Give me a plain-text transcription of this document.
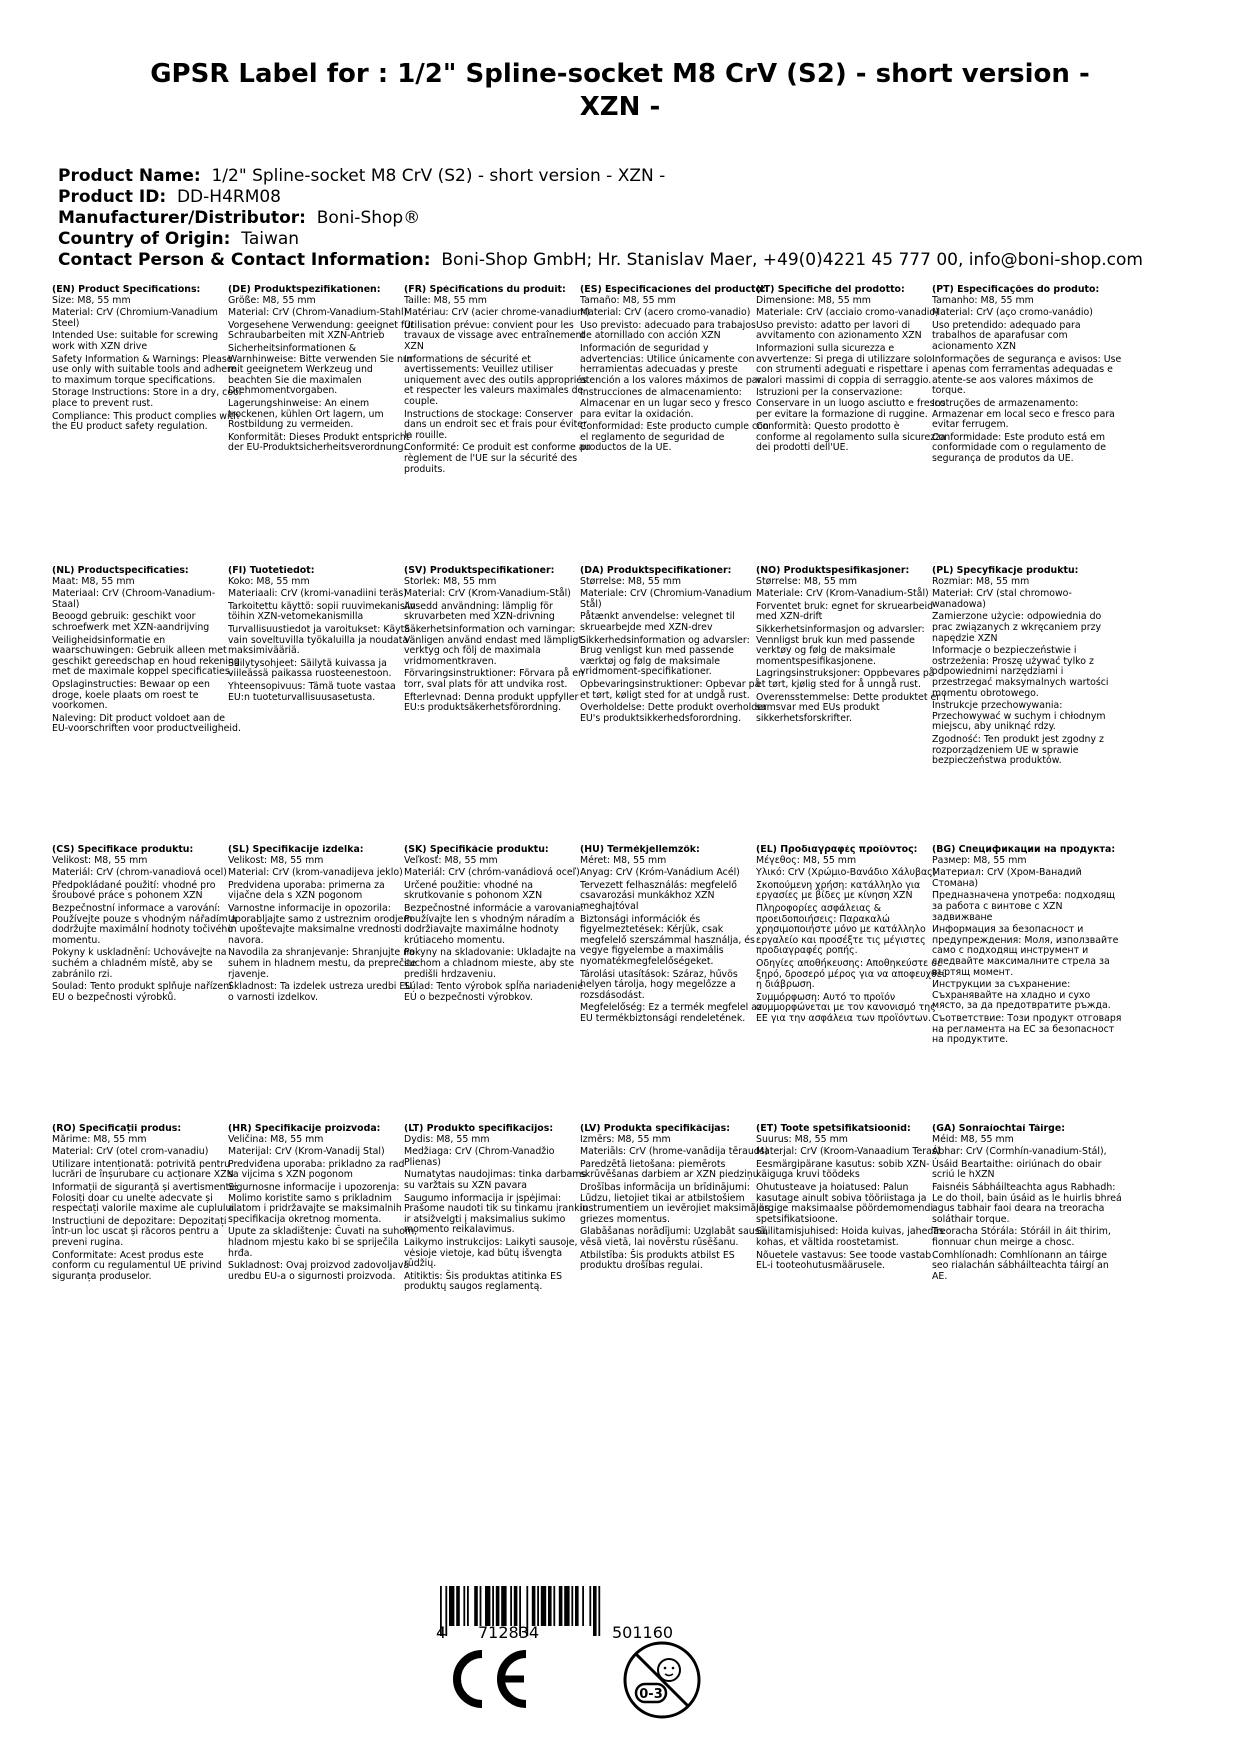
GPSR Label for : 1/2" Spline-socket M8 CrV (S2) - short version - XZN -
Product Name: 1/2" Spline-socket M8 CrV (S2) - short version - XZN -
Product ID: DD-H4RM08
Manufacturer/Distributor: Boni-Shop®
Country of Origin: Taiwan
Contact Person & Contact Information: Boni-Shop GmbH; Hr. Stanislav Maer, +49(0)4221 45 777 00, info@boni-shop.com
(EN) Product Specifications:

Size: M8, 55 mm

Material: CrV (Chromium-Vanadium Steel)

Intended Use: suitable for screwing work with XZN drive

Safety Information & Warnings: Please use only with suitable tools and adhere to maximum torque specifications.

Storage Instructions: Store in a dry, cool place to prevent rust.

Compliance: This product complies with the EU product safety regulation.

(DE) Produktspezifikationen:

Größe: M8, 55 mm

Material: CrV (Chrom-Vanadium-Stahl)

Vorgesehene Verwendung: geeignet für Schraubarbeiten mit XZN-Antrieb

Sicherheitsinformationen & Warnhinweise: Bitte verwenden Sie nur mit geeignetem Werkzeug und beachten Sie die maximalen Drehmomentvorgaben.

Lagerungshinweise: An einem trockenen, kühlen Ort lagern, um Rostbildung zu vermeiden.

Konformität: Dieses Produkt entspricht der EU-Produktsicherheitsverordnung.

(FR) Spécifications du produit:

Taille: M8, 55 mm

Matériau: CrV (acier chrome-vanadium)

Utilisation prévue: convient pour les travaux de vissage avec entraînement XZN

Informations de sécurité et avertissements: Veuillez utiliser uniquement avec des outils appropriés et respecter les valeurs maximales de couple.

Instructions de stockage: Conserver dans un endroit sec et frais pour éviter la rouille.

Conformité: Ce produit est conforme au règlement de l'UE sur la sécurité des produits.

(ES) Especificaciones del producto:

Tamaño: M8, 55 mm

Material: CrV (acero cromo-vanadio)

Uso previsto: adecuado para trabajos de atornillado con acción XZN

Información de seguridad y advertencias: Utilice únicamente con herramientas adecuadas y preste atención a los valores máximos de par.

Instrucciones de almacenamiento: Almacenar en un lugar seco y fresco para evitar la oxidación.

Conformidad: Este producto cumple con el reglamento de seguridad de productos de la UE.

(IT) Specifiche del prodotto:

Dimensione: M8, 55 mm

Materiale: CrV (acciaio cromo-vanadio)

Uso previsto: adatto per lavori di avvitamento con azionamento XZN

Informazioni sulla sicurezza e avvertenze: Si prega di utilizzare solo con strumenti adeguati e rispettare i valori massimi di coppia di serraggio.

Istruzioni per la conservazione: Conservare in un luogo asciutto e fresco per evitare la formazione di ruggine.

Conformità: Questo prodotto è conforme al regolamento sulla sicurezza dei prodotti dell'UE.

(PT) Especificações do produto:

Tamanho: M8, 55 mm

Material: CrV (aço cromo-vanádio)

Uso pretendido: adequado para trabalhos de aparafusar com acionamento XZN

Informações de segurança e avisos: Use apenas com ferramentas adequadas e atente-se aos valores máximos de torque.

Instruções de armazenamento: Armazenar em local seco e fresco para evitar ferrugem.

Conformidade: Este produto está em conformidade com o regulamento de segurança de produtos da UE.

(NL) Productspecificaties:

Maat: M8, 55 mm

Materiaal: CrV (Chroom-Vanadium-Staal)

Beoogd gebruik: geschikt voor schroefwerk met XZN-aandrijving

Veiligheidsinformatie en waarschuwingen: Gebruik alleen met geschikt gereedschap en houd rekening met de maximale koppel specificaties.

Opslaginstructies: Bewaar op een droge, koele plaats om roest te voorkomen.

Naleving: Dit product voldoet aan de EU-voorschriften voor productveiligheid.

(FI) Tuotetiedot:

Koko: M8, 55 mm

Materiaali: CrV (kromi-vanadiini teräs)

Tarkoitettu käyttö: sopii ruuvimekanisiin töihin XZN-vetomekanismilla

Turvallisuustiedot ja varoitukset: Käytä vain soveltuvilla työkaluilla ja noudata maksimivääriä.

Säilytysohjeet: Säilytä kuivassa ja viileässä paikassa ruosteenestoon.

Yhteensopivuus: Tämä tuote vastaa EU:n tuoteturvallisuusasetusta.

(SV) Produktspecifikationer:

Storlek: M8, 55 mm

Material: CrV (Krom-Vanadium-Stål)

Avsedd användning: lämplig för skruvarbeten med XZN-drivning

Säkerhetsinformation och varningar: Vänligen använd endast med lämpligt verktyg och följ de maximala vridmomentkraven.

Förvaringsinstruktioner: Förvara på en torr, sval plats för att undvika rost.

Efterlevnad: Denna produkt uppfyller EU:s produktsäkerhetsförordning.

(DA) Produktspecifikationer:

Størrelse: M8, 55 mm

Materiale: CrV (Chromium-Vanadium Stål)

Påtænkt anvendelse: velegnet til skruearbejde med XZN-drev

Sikkerhedsinformation og advarsler: Brug venligst kun med passende værktøj og følg de maksimale vridmoment-specifikationer.

Opbevaringsinstruktioner: Opbevar på et tørt, køligt sted for at undgå rust.

Overholdelse: Dette produkt overholder EU's produktsikkerhedsforordning.

(NO) Produktspesifikasjoner:

Størrelse: M8, 55 mm

Materiale: CrV (Krom-Vanadium-Stål)

Forventet bruk: egnet for skruearbeid med XZN-drift

Sikkerhetsinformasjon og advarsler: Vennligst bruk kun med passende verktøy og følg de maksimale momentspesifikasjonene.

Lagringsinstruksjoner: Oppbevares på et tørt, kjølig sted for å unngå rust.

Overensstemmelse: Dette produktet er i samsvar med EUs produkt sikkerhetsforskrifter.

(PL) Specyfikacje produktu:

Rozmiar: M8, 55 mm

Materiał: CrV (stal chromowo-wanadowa)

Zamierzone użycie: odpowiednia do prac związanych z wkręcaniem przy napędzie XZN

Informacje o bezpieczeństwie i ostrzeżenia: Proszę używać tylko z odpowiednimi narzędziami i przestrzegać maksymalnych wartości momentu obrotowego.

Instrukcje przechowywania: Przechowywać w suchym i chłodnym miejscu, aby uniknąć rdzy.

Zgodność: Ten produkt jest zgodny z rozporządzeniem UE w sprawie bezpieczeństwa produktów.

(CS) Specifikace produktu:

Velikost: M8, 55 mm

Materiál: CrV (chrom-vanadiová ocel)

Předpokládané použití: vhodné pro šroubové práce s pohonem XZN

Bezpečnostní informace a varování: Používejte pouze s vhodným nářadím a dodržujte maximální hodnoty točivého momentu.

Pokyny k uskladnění: Uchovávejte na suchém a chladném místě, aby se zabránilo rzi.

Soulad: Tento produkt splňuje nařízení EU o bezpečnosti výrobků.

(SL) Specifikacije izdelka:

Velikost: M8, 55 mm

Material: CrV (krom-vanadijeva jeklo)

Predvidena uporaba: primerna za vijačne dela s XZN pogonom

Varnostne informacije in opozorila: Uporabljajte samo z ustreznim orodjem in upoštevajte maksimalne vrednosti navora.

Navodila za shranjevanje: Shranjujte na suhem in hladnem mestu, da preprečite rjavenje.

Skladnost: Ta izdelek ustreza uredbi EU o varnosti izdelkov.

(SK) Špecifikácie produktu:

Veľkosť: M8, 55 mm

Materiál: CrV (chróm-vanádiová oceľ)

Určené použitie: vhodné na skrutkovanie s pohonom XZN

Bezpečnostné informácie a varovania: Používajte len s vhodným náradím a dodržiavajte maximálne hodnoty krútiaceho momentu.

Pokyny na skladovanie: Ukladajte na suchom a chladnom mieste, aby ste predišli hrdzaveniu.

Súlad: Tento výrobok spĺňa nariadenie EÚ o bezpečnosti výrobkov.

(HU) Termékjellemzők:

Méret: M8, 55 mm

Anyag: CrV (Króm-Vanádium Acél)

Tervezett felhasználás: megfelelő csavarozási munkákhoz XZN meghajtóval

Biztonsági információk és figyelmeztetések: Kérjük, csak megfelelő szerszámmal használja, és vegye figyelembe a maximális nyomatékmegfelelőségeket.

Tárolási utasítások: Száraz, hűvös helyen tárolja, hogy megelőzze a rozsdásodást.

Megfelelőség: Ez a termék megfelel az EU termékbiztonsági rendeletének.

(EL) Προδιαγραφές προϊόντος:

Μέγεθος: M8, 55 mm

Υλικό: CrV (Χρώμιο-Βανάδιο Χάλυβας)

Σκοπούμενη χρήση: κατάλληλο για εργασίες με βίδες με κίνηση XZN

Πληροφορίες ασφάλειας & προειδοποιήσεις: Παρακαλώ χρησιμοποιήστε μόνο με κατάλληλο εργαλείο και προσέξτε τις μέγιστες προδιαγραφές ροπής.

Οδηγίες αποθήκευσης: Αποθηκεύστε σε ξηρό, δροσερό μέρος για να αποφευχθεί η διάβρωση.

Συμμόρφωση: Αυτό το προϊόν συμμορφώνεται με τον κανονισμό της ΕΕ για την ασφάλεια των προϊόντων.

(BG) Спецификации на продукта:

Размер: M8, 55 mm

Материал: CrV (Хром-Ванадий Стомана)

Предназначена употреба: подходящ за работа с винтове с XZN задвижване

Информация за безопасност и предупреждения: Моля, използвайте само с подходящ инструмент и следвайте максималните стрела за въртящ момент.

Инструкции за съхранение: Съхранявайте на хладно и сухо място, за да предотвратите ръжда.

Съответствие: Този продукт отговаря на регламента на ЕС за безопасност на продуктите.

(RO) Specificații produs:

Mărime: M8, 55 mm

Material: CrV (otel crom-vanadiu)

Utilizare intenționată: potrivită pentru lucrări de înșurubare cu acționare XZN

Informații de siguranță și avertismente: Folosiți doar cu unelte adecvate și respectați valorile maxime ale cuplului.

Instrucțiuni de depozitare: Depozitați într-un loc uscat și răcoros pentru a preveni rugina.

Conformitate: Acest produs este conform cu regulamentul UE privind siguranța produselor.

(HR) Specifikacije proizvoda:

Veličina: M8, 55 mm

Materijal: CrV (Krom-Vanadij Stal)

Predviđena uporaba: prikladno za rad sa vijcima s XZN pogonom

Sigurnosne informacije i upozorenja: Molimo koristite samo s prikladnim alatom i pridržavajte se maksimalnih specifikacija okretnog momenta.

Upute za skladištenje: Čuvati na suhom, hladnom mjestu kako bi se spriječila hrđa.

Sukladnost: Ovaj proizvod zadovoljava uredbu EU-a o sigurnosti proizvoda.

(LT) Produkto specifikacijos:

Dydis: M8, 55 mm

Medžiaga: CrV (Chrom-Vanadžio Plienas)

Numatytas naudojimas: tinka darbams su varžtais su XZN pavara

Saugumo informacija ir įspėjimai: Prašome naudoti tik su tinkamu įrankiu ir atsižvelgti į maksimalius sukimo momento reikalavimus.

Laikymo instrukcijos: Laikyti sausoje, vėsioje vietoje, kad būtų išvengta rūdžių.

Atitiktis: Šis produktas atitinka ES produktų saugos reglamentą.

(LV) Produkta specifikācijas:

Izmērs: M8, 55 mm

Materiāls: CrV (hrome-vanādija tērauds)

Paredzētā lietošana: piemērots skrūvēšanas darbiem ar XZN piedziņu

Drošības informācija un brīdinājumi: Lūdzu, lietojiet tikai ar atbilstošiem instrumentiem un ievērojiet maksimālos griezes momentus.

Glabāšanas norādījumi: Uzglabāt sausā, vēsā vietā, lai novērstu rūsēšanu.

Atbilstība: Šis produkts atbilst ES produktu drošības regulai.

(ET) Toote spetsifikatsioonid:

Suurus: M8, 55 mm

Materjal: CrV (Kroom-Vanaadium Teras)

Eesmärgipärane kasutus: sobib XZN-käiguga kruvi töödeks

Ohutusteave ja hoiatused: Palun kasutage ainult sobiva tööriistaga ja järgige maksimaalse pöördemomendi spetsifikatsioone.

Säilitamisjuhised: Hoida kuivas, jahedas kohas, et vältida roostetamist.

Nõuetele vastavus: See toode vastab EL-i tooteohutusmääruselе.

(GA) Sonraíochtaí Táirge:

Méid: M8, 55 mm

Ábhar: CrV (Cormhín-vanadium-Stál),

Úsáid Beartaithe: oiriúnach do obair scriú le hXZN

Faisnéis Sábháilteachta agus Rabhadh: Le do thoil, bain úsáid as le huirlis bhreá agus tabhair faoi deara na treoracha soláthair torque.

Treoracha Stórála: Stóráil in áit thirim, fionnuar chun meirge a chosc.

Comhlíonadh: Comhlíonann an táirge seo rialachán sábháilteachta táirgí an AE.

4 712834	501160
0-3
